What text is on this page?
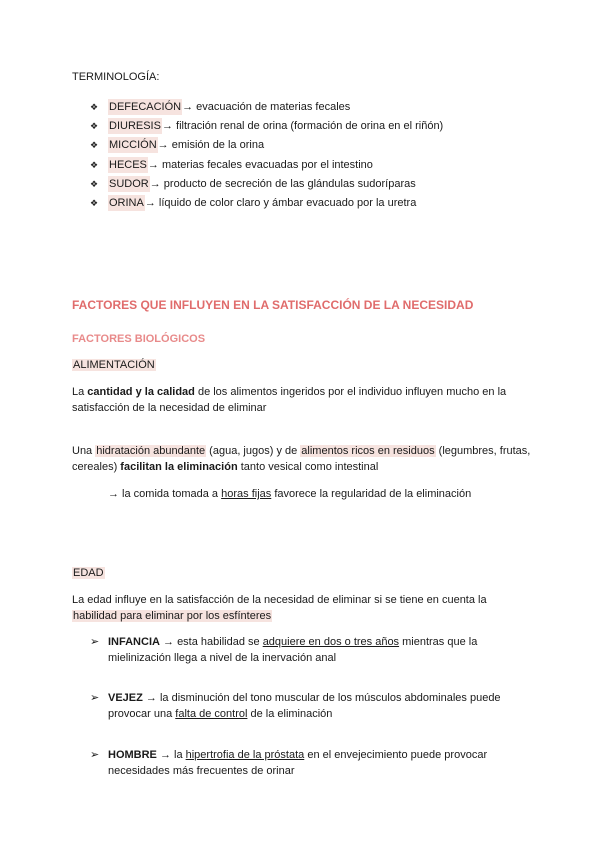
TERMINOLOGÍA:
❖ DEFECACIÓN → evacuación de materias fecales
❖ DIURESIS → filtración renal de orina (formación de orina en el riñón)
❖ MICCIÓN → emisión de la orina
❖ HECES → materias fecales evacuadas por el intestino
❖ SUDOR → producto de secreción de las glándulas sudoríparas
❖ ORINA → líquido de color claro y ámbar evacuado por la uretra
FACTORES QUE INFLUYEN EN LA SATISFACCIÓN DE LA NECESIDAD
FACTORES BIOLÓGICOS
ALIMENTACIÓN
La cantidad y la calidad de los alimentos ingeridos por el individuo influyen mucho en la satisfacción de la necesidad de eliminar
Una hidratación abundante (agua, jugos) y de alimentos ricos en residuos (legumbres, frutas, cereales) facilitan la eliminación tanto vesical como intestinal
→ la comida tomada a horas fijas favorece la regularidad de la eliminación
EDAD
La edad influye en la satisfacción de la necesidad de eliminar si se tiene en cuenta la habilidad para eliminar por los esfínteres
➢ INFANCIA → esta habilidad se adquiere en dos o tres años mientras que la mielinización llega a nivel de la inervación anal
➢ VEJEZ → la disminución del tono muscular de los músculos abdominales puede provocar una falta de control de la eliminación
➢ HOMBRE → la hipertrofia de la próstata en el envejecimiento puede provocar necesidades más frecuentes de orinar
